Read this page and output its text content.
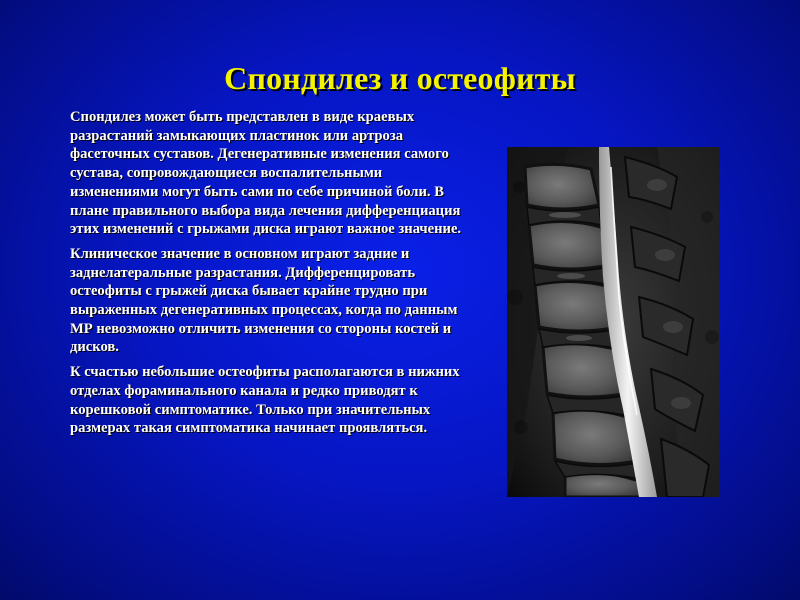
Спондилез и остеофиты

Спондилез может быть представлен в виде краевых разрастаний замыкающих пластинок или артроза фасеточных суставов. Дегенеративные изменения самого сустава, сопровождающиеся воспалительными изменениями могут быть сами по себе причиной боли. В плане правильного выбора вида лечения дифференциация этих изменений с грыжами диска играют важное значение.

Клиническое значение в основном играют задние и заднелатеральные разрастания. Дифференцировать остеофиты с грыжей диска бывает крайне трудно при выраженных дегенеративных процессах, когда по данным МР невозможно отличить изменения со стороны костей и дисков.

К счастью небольшие остеофиты располагаются в нижних отделах фораминального канала и редко приводят к корешковой симптоматике. Только при значительных размерах такая симптоматика начинает проявляться.
